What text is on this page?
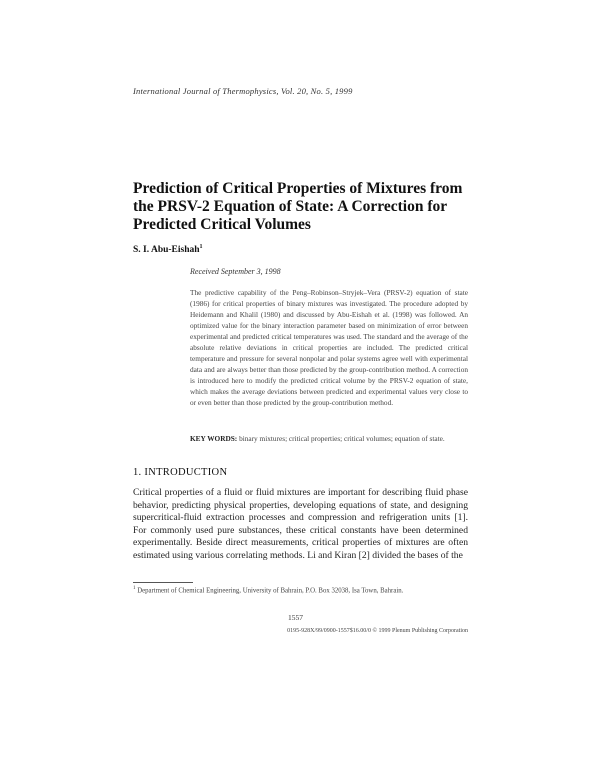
International Journal of Thermophysics, Vol. 20, No. 5, 1999
Prediction of Critical Properties of Mixtures from the PRSV-2 Equation of State: A Correction for Predicted Critical Volumes
S. I. Abu-Eishah$^1$
Received September 3, 1998
The predictive capability of the Peng–Robinson–Stryjek–Vera (PRSV-2) equation of state (1986) for critical properties of binary mixtures was investigated. The procedure adopted by Heidemann and Khalil (1980) and discussed by Abu-Eishah et al. (1998) was followed. An optimized value for the binary interaction parameter based on minimization of error between experimental and predicted critical temperatures was used. The standard and the average of the absolute relative deviations in critical properties are included. The predicted critical temperature and pressure for several nonpolar and polar systems agree well with experimental data and are always better than those predicted by the group-contribution method. A correction is introduced here to modify the predicted critical volume by the PRSV-2 equation of state, which makes the average deviations between predicted and experimental values very close to or even better than those predicted by the group-contribution method.
KEY WORDS: binary mixtures; critical properties; critical volumes; equation of state.
1. INTRODUCTION
Critical properties of a fluid or fluid mixtures are important for describing fluid phase behavior, predicting physical properties, developing equations of state, and designing supercritical-fluid extraction processes and compression and refrigeration units [1]. For commonly used pure substances, these critical constants have been determined experimentally. Beside direct measurements, critical properties of mixtures are often estimated using various correlating methods. Li and Kiran [2] divided the bases of the
$^1$ Department of Chemical Engineering, University of Bahrain, P.O. Box 32038, Isa Town, Bahrain.
1557
0195-928X/99/0900-1557$16.00/0 © 1999 Plenum Publishing Corporation
